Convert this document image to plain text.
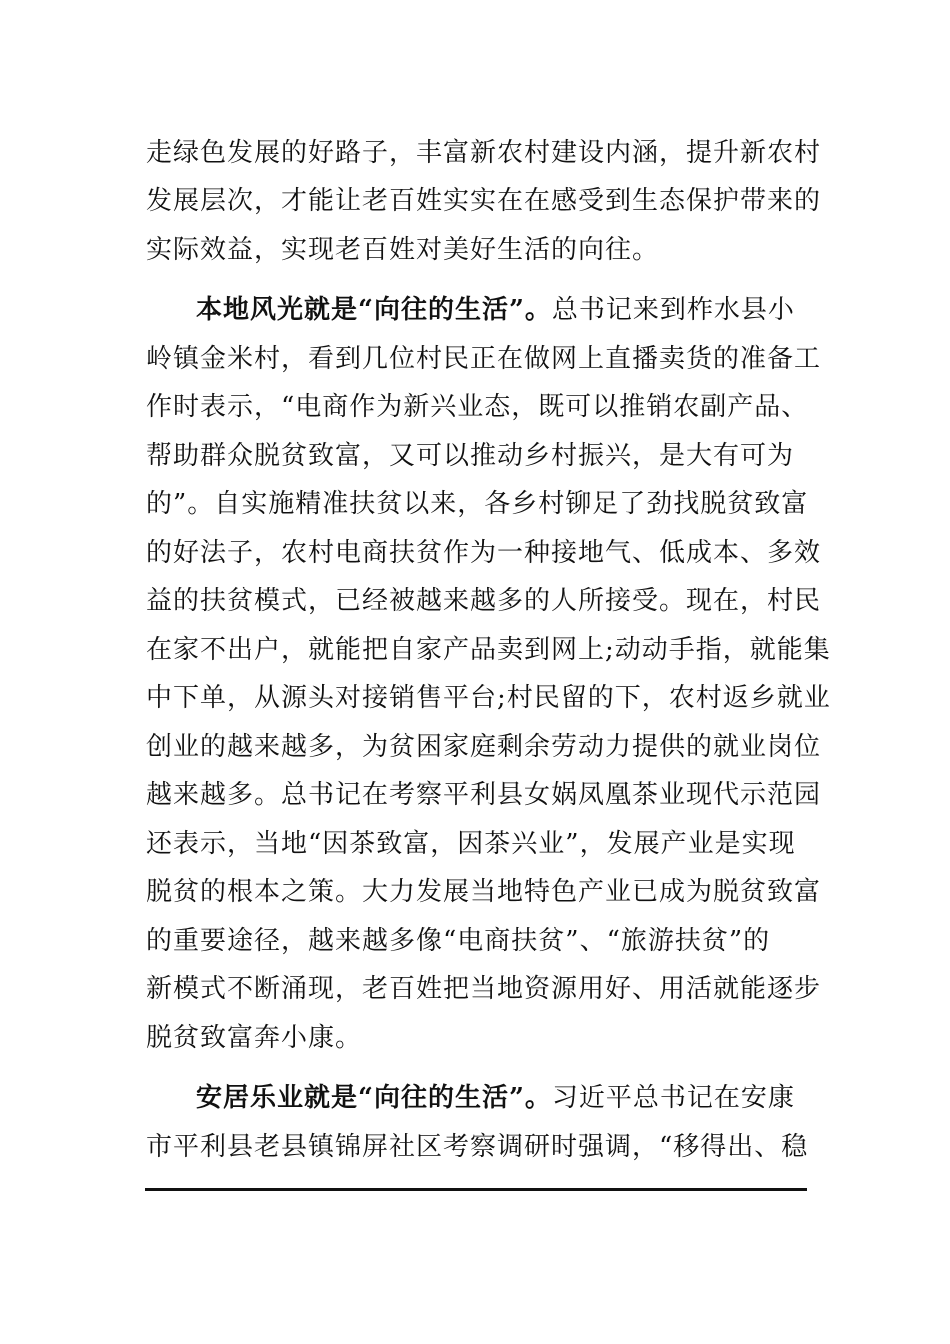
走绿色发展的好路子，丰富新农村建设内涵，提升新农村
发展层次，才能让老百姓实实在在感受到生态保护带来的
实际效益，实现老百姓对美好生活的向往。
本地风光就是“向往的生活”。总书记来到柞水县小
岭镇金米村，看到几位村民正在做网上直播卖货的准备工
作时表示，“电商作为新兴业态，既可以推销农副产品、
帮助群众脱贫致富，又可以推动乡村振兴，是大有可为
的”。自实施精准扶贫以来，各乡村铆足了劲找脱贫致富
的好法子，农村电商扶贫作为一种接地气、低成本、多效
益的扶贫模式，已经被越来越多的人所接受。现在，村民
在家不出户，就能把自家产品卖到网上;动动手指，就能集
中下单，从源头对接销售平台;村民留的下，农村返乡就业
创业的越来越多，为贫困家庭剩余劳动力提供的就业岗位
越来越多。总书记在考察平利县女娲凤凰茶业现代示范园
还表示，当地“因茶致富，因茶兴业”，发展产业是实现
脱贫的根本之策。大力发展当地特色产业已成为脱贫致富
的重要途径，越来越多像“电商扶贫”、“旅游扶贫”的
新模式不断涌现，老百姓把当地资源用好、用活就能逐步
脱贫致富奔小康。
安居乐业就是“向往的生活”。习近平总书记在安康
市平利县老县镇锦屏社区考察调研时强调，“移得出、稳
